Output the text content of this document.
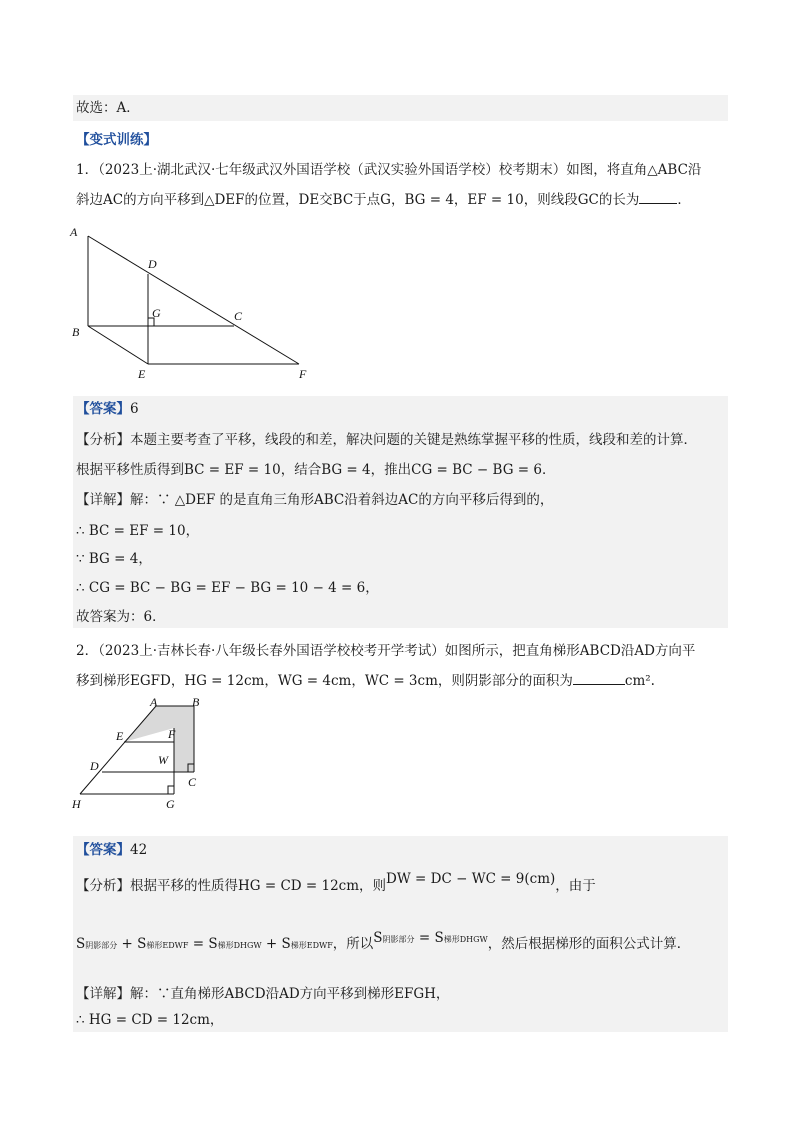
故选：A．
【变式训练】
1．（2023上·湖北武汉·七年级武汉外国语学校（武汉实验外国语学校）校考期末）如图，将直角△ABC沿
斜边AC的方向平移到△DEF的位置，DE交BC于点G，BG = 4，EF = 10，则线段GC的长为	．
A
D
G	C
B
E	F
【答案】6
【分析】本题主要考查了平移，线段的和差，解决问题的关键是熟练掌握平移的性质，线段和差的计算．
根据平移性质得到BC = EF = 10，结合BG = 4，推出CG = BC − BG = 6．
【详解】解：∵ △DEF 的是直角三角形ABC沿着斜边AC的方向平移后得到的，
∴ BC = EF = 10，
∵ BG = 4，
∴ CG = BC − BG = EF − BG = 10 − 4 = 6，
故答案为：6．
2．（2023上·吉林长春·八年级长春外国语学校校考开学考试）如图所示，把直角梯形ABCD沿AD方向平
移到梯形EGFD，HG = 12cm，WG = 4cm，WC = 3cm，则阴影部分的面积为	cm².
A	B
E	F
D	W
C
H	G
【答案】42
【分析】根据平移的性质得HG = CD = 12cm，则DW = DC − WC = 9(cm)，由于
S阴影部分 + S梯形EDWF = S梯形DHGW + S梯形EDWF，所以$S^{阴影部分} = S^{梯形DHGW}$，然后根据梯形的面积公式计算．
【详解】解：∵直角梯形ABCD沿AD方向平移到梯形EFGH，
∴ HG = CD = 12cm，
